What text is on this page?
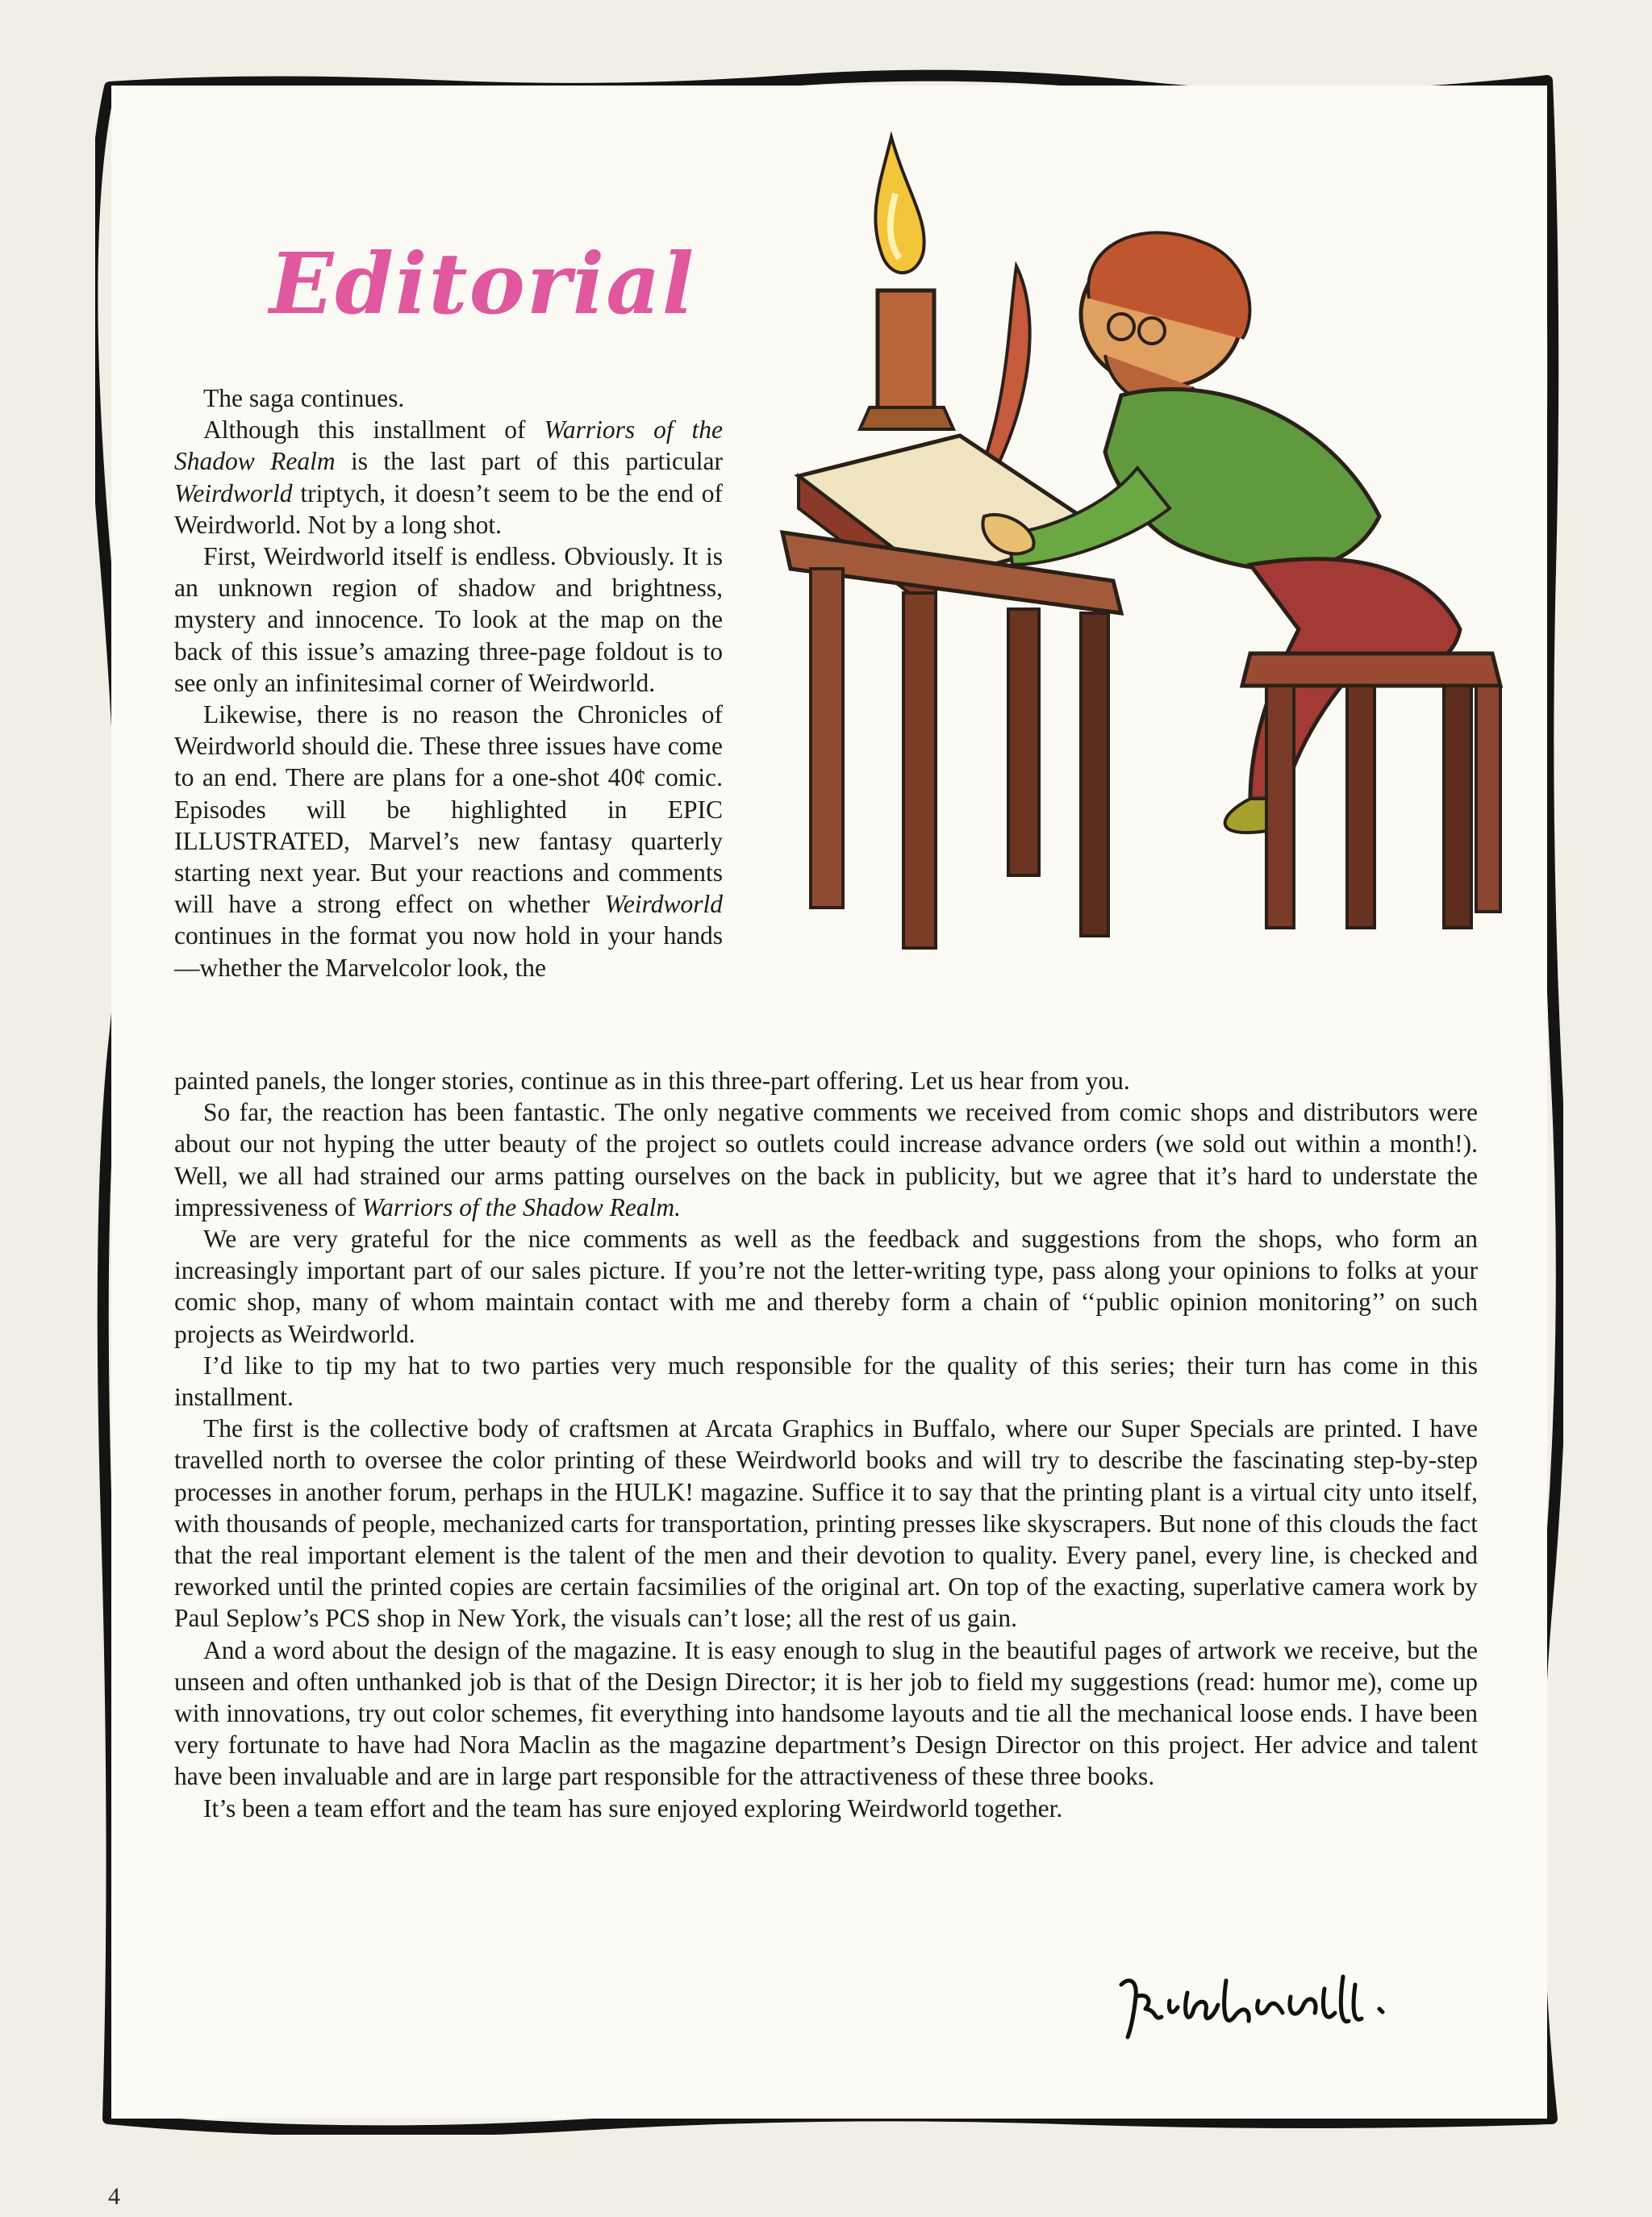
Editorial

The saga continues.

Although this installment of Warriors of the Shadow Realm is the last part of this particular Weirdworld triptych, it doesn’t seem to be the end of Weirdworld. Not by a long shot.

First, Weirdworld itself is endless. Obviously. It is an unknown region of shadow and brightness, mystery and innocence. To look at the map on the back of this issue’s amazing three-page foldout is to see only an infinitesimal corner of Weirdworld.

Likewise, there is no reason the Chronicles of Weirdworld should die. These three issues have come to an end. There are plans for a one-shot 40¢ comic. Episodes will be highlighted in EPIC ILLUSTRATED, Marvel’s new fantasy quarterly starting next year. But your reactions and comments will have a strong effect on whether Weirdworld continues in the format you now hold in your hands—whether the Marvelcolor look, the

painted panels, the longer stories, continue as in this three-part offering. Let us hear from you.

So far, the reaction has been fantastic. The only negative comments we received from comic shops and distributors were about our not hyping the utter beauty of the project so outlets could increase advance orders (we sold out within a month!). Well, we all had strained our arms patting ourselves on the back in publicity, but we agree that it’s hard to understate the impressiveness of Warriors of the Shadow Realm.

We are very grateful for the nice comments as well as the feedback and suggestions from the shops, who form an increasingly important part of our sales picture. If you’re not the letter-writing type, pass along your opinions to folks at your comic shop, many of whom maintain contact with me and thereby form a chain of ‘‘public opinion monitoring’’ on such projects as Weirdworld.

I’d like to tip my hat to two parties very much responsible for the quality of this series; their turn has come in this installment.

The first is the collective body of craftsmen at Arcata Graphics in Buffalo, where our Super Specials are printed. I have travelled north to oversee the color printing of these Weirdworld books and will try to describe the fascinating step-by-step processes in another forum, perhaps in the HULK! magazine. Suffice it to say that the printing plant is a virtual city unto itself, with thousands of people, mechanized carts for transportation, printing presses like skyscrapers. But none of this clouds the fact that the real important element is the talent of the men and their devotion to quality. Every panel, every line, is checked and reworked until the printed copies are certain facsimilies of the original art. On top of the exacting, superlative camera work by Paul Seplow’s PCS shop in New York, the visuals can’t lose; all the rest of us gain.

And a word about the design of the magazine. It is easy enough to slug in the beautiful pages of artwork we receive, but the unseen and often unthanked job is that of the Design Director; it is her job to field my suggestions (read: humor me), come up with innovations, try out color schemes, fit everything into handsome layouts and tie all the mechanical loose ends. I have been very fortunate to have had Nora Maclin as the magazine department’s Design Director on this project. Her advice and talent have been invaluable and are in large part responsible for the attractiveness of these three books.

It’s been a team effort and the team has sure enjoyed exploring Weirdworld together.

4
